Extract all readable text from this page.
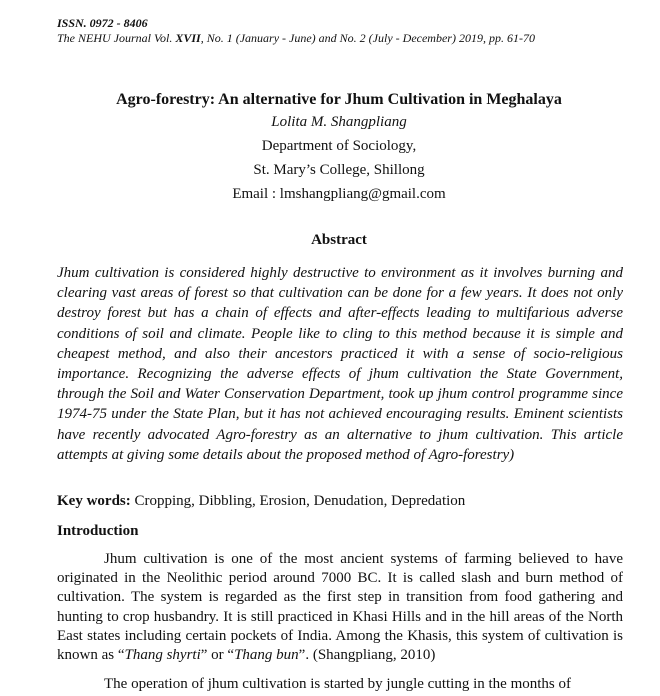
ISSN. 0972 - 8406
The NEHU Journal Vol. XVII, No. 1 (January - June) and No. 2 (July - December) 2019, pp. 61-70
Agro-forestry: An alternative for Jhum Cultivation in Meghalaya
Lolita M. Shangpliang
Department of Sociology,
St. Mary’s College, Shillong
Email : lmshangpliang@gmail.com
Abstract

Jhum cultivation is considered highly destructive to environment as it involves burning and clearing vast areas of forest so that cultivation can be done for a few years. It does not only destroy forest but has a chain of effects and after-effects leading to multifarious adverse conditions of soil and climate. People like to cling to this method because it is simple and cheapest method, and also their ancestors practiced it with a sense of socio-religious importance. Recognizing the adverse effects of jhum cultivation the State Government, through the Soil and Water Conservation Department, took up jhum control programme since 1974-75 under the State Plan, but it has not achieved encouraging results. Eminent scientists have recently advocated Agro-forestry as an alternative to jhum cultivation. This article attempts at giving some details about the proposed method of Agro-forestry)

Key words: Cropping, Dibbling, Erosion, Denudation, Depredation

Introduction

Jhum cultivation is one of the most ancient systems of farming believed to have originated in the Neolithic period around 7000 BC. It is called slash and burn method of cultivation. The system is regarded as the first step in transition from food gathering and hunting to crop husbandry. It is still practiced in Khasi Hills and in the hill areas of the North East states including certain pockets of India. Among the Khasis, this system of cultivation is known as “Thang shyrti” or “Thang bun”. (Shangpliang, 2010)

The operation of jhum cultivation is started by jungle cutting in the months of
